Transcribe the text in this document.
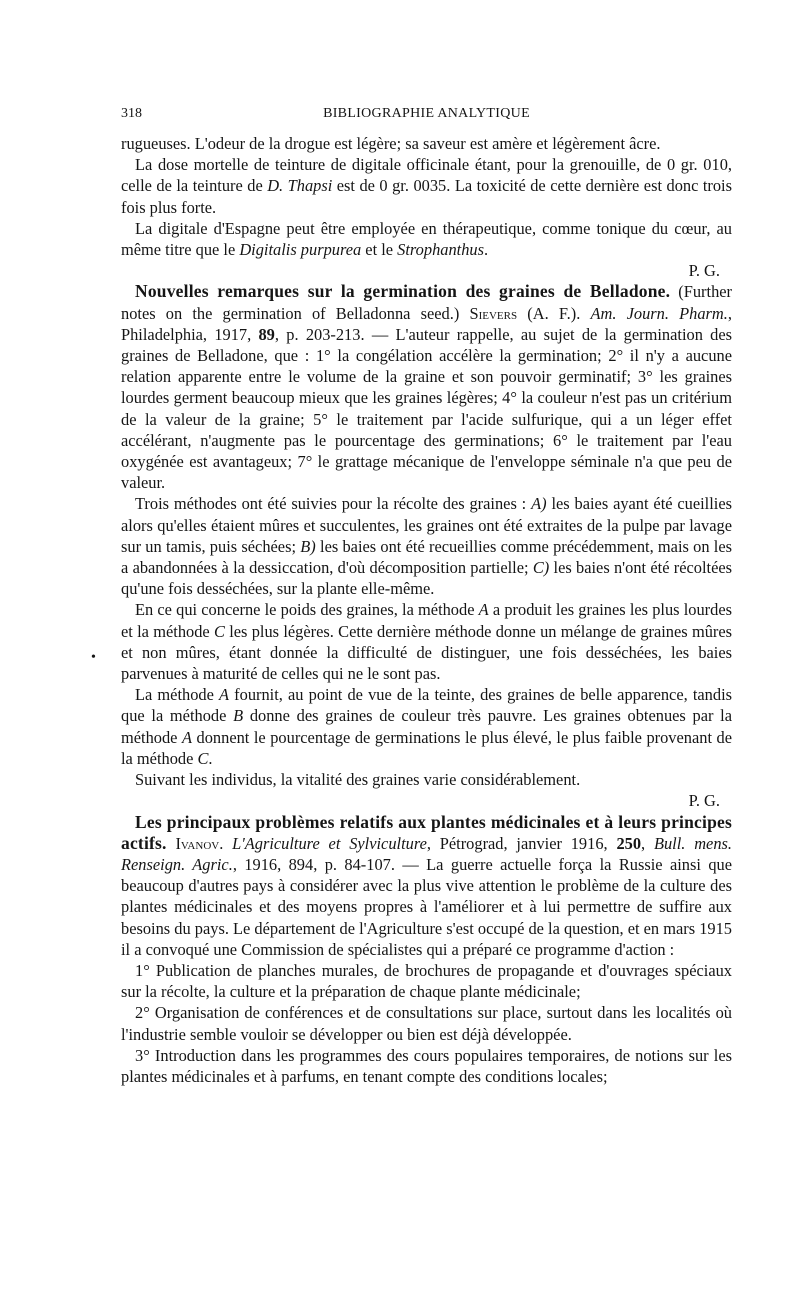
318	BIBLIOGRAPHIE ANALYTIQUE
•

rugueuses. L'odeur de la drogue est légère; sa saveur est amère et légèrement âcre.

La dose mortelle de teinture de digitale officinale étant, pour la grenouille, de 0 gr. 010, celle de la teinture de D. Thapsi est de 0 gr. 0035. La toxicité de cette dernière est donc trois fois plus forte.

La digitale d'Espagne peut être employée en thérapeutique, comme tonique du cœur, au même titre que le Digitalis purpurea et le Strophanthus.

P. G.

Nouvelles remarques sur la germination des graines de Belladone. (Further notes on the germination of Belladonna seed.) Sievers (A. F.). Am. Journ. Pharm., Philadelphia, 1917, 89, p. 203-213. — L'auteur rappelle, au sujet de la germination des graines de Belladone, que : 1° la congélation accélère la germination; 2° il n'y a aucune relation apparente entre le volume de la graine et son pouvoir germinatif; 3° les graines lourdes germent beaucoup mieux que les graines légères; 4° la couleur n'est pas un critérium de la valeur de la graine; 5° le traitement par l'acide sulfurique, qui a un léger effet accélérant, n'augmente pas le pourcentage des germinations; 6° le traitement par l'eau oxygénée est avantageux; 7° le grattage mécanique de l'enveloppe séminale n'a que peu de valeur.

Trois méthodes ont été suivies pour la récolte des graines : A) les baies ayant été cueillies alors qu'elles étaient mûres et succulentes, les graines ont été extraites de la pulpe par lavage sur un tamis, puis séchées; B) les baies ont été recueillies comme précédemment, mais on les a abandonnées à la dessiccation, d'où décomposition partielle; C) les baies n'ont été récoltées qu'une fois desséchées, sur la plante elle-même.

En ce qui concerne le poids des graines, la méthode A a produit les graines les plus lourdes et la méthode C les plus légères. Cette dernière méthode donne un mélange de graines mûres et non mûres, étant donnée la difficulté de distinguer, une fois desséchées, les baies parvenues à maturité de celles qui ne le sont pas.

La méthode A fournit, au point de vue de la teinte, des graines de belle apparence, tandis que la méthode B donne des graines de couleur très pauvre. Les graines obtenues par la méthode A donnent le pourcentage de germinations le plus élevé, le plus faible provenant de la méthode C.

Suivant les individus, la vitalité des graines varie considérablement.

P. G.

Les principaux problèmes relatifs aux plantes médicinales et à leurs principes actifs. Ivanov. L'Agriculture et Sylviculture, Pétrograd, janvier 1916, 250, Bull. mens. Renseign. Agric., 1916, 894, p. 84-107. — La guerre actuelle força la Russie ainsi que beaucoup d'autres pays à considérer avec la plus vive attention le problème de la culture des plantes médicinales et des moyens propres à l'améliorer et à lui permettre de suffire aux besoins du pays. Le département de l'Agriculture s'est occupé de la question, et en mars 1915 il a convoqué une Commission de spécialistes qui a préparé ce programme d'action :

1° Publication de planches murales, de brochures de propagande et d'ouvrages spéciaux sur la récolte, la culture et la préparation de chaque plante médicinale;

2° Organisation de conférences et de consultations sur place, surtout dans les localités où l'industrie semble vouloir se développer ou bien est déjà développée.

3° Introduction dans les programmes des cours populaires temporaires, de notions sur les plantes médicinales et à parfums, en tenant compte des conditions locales;
